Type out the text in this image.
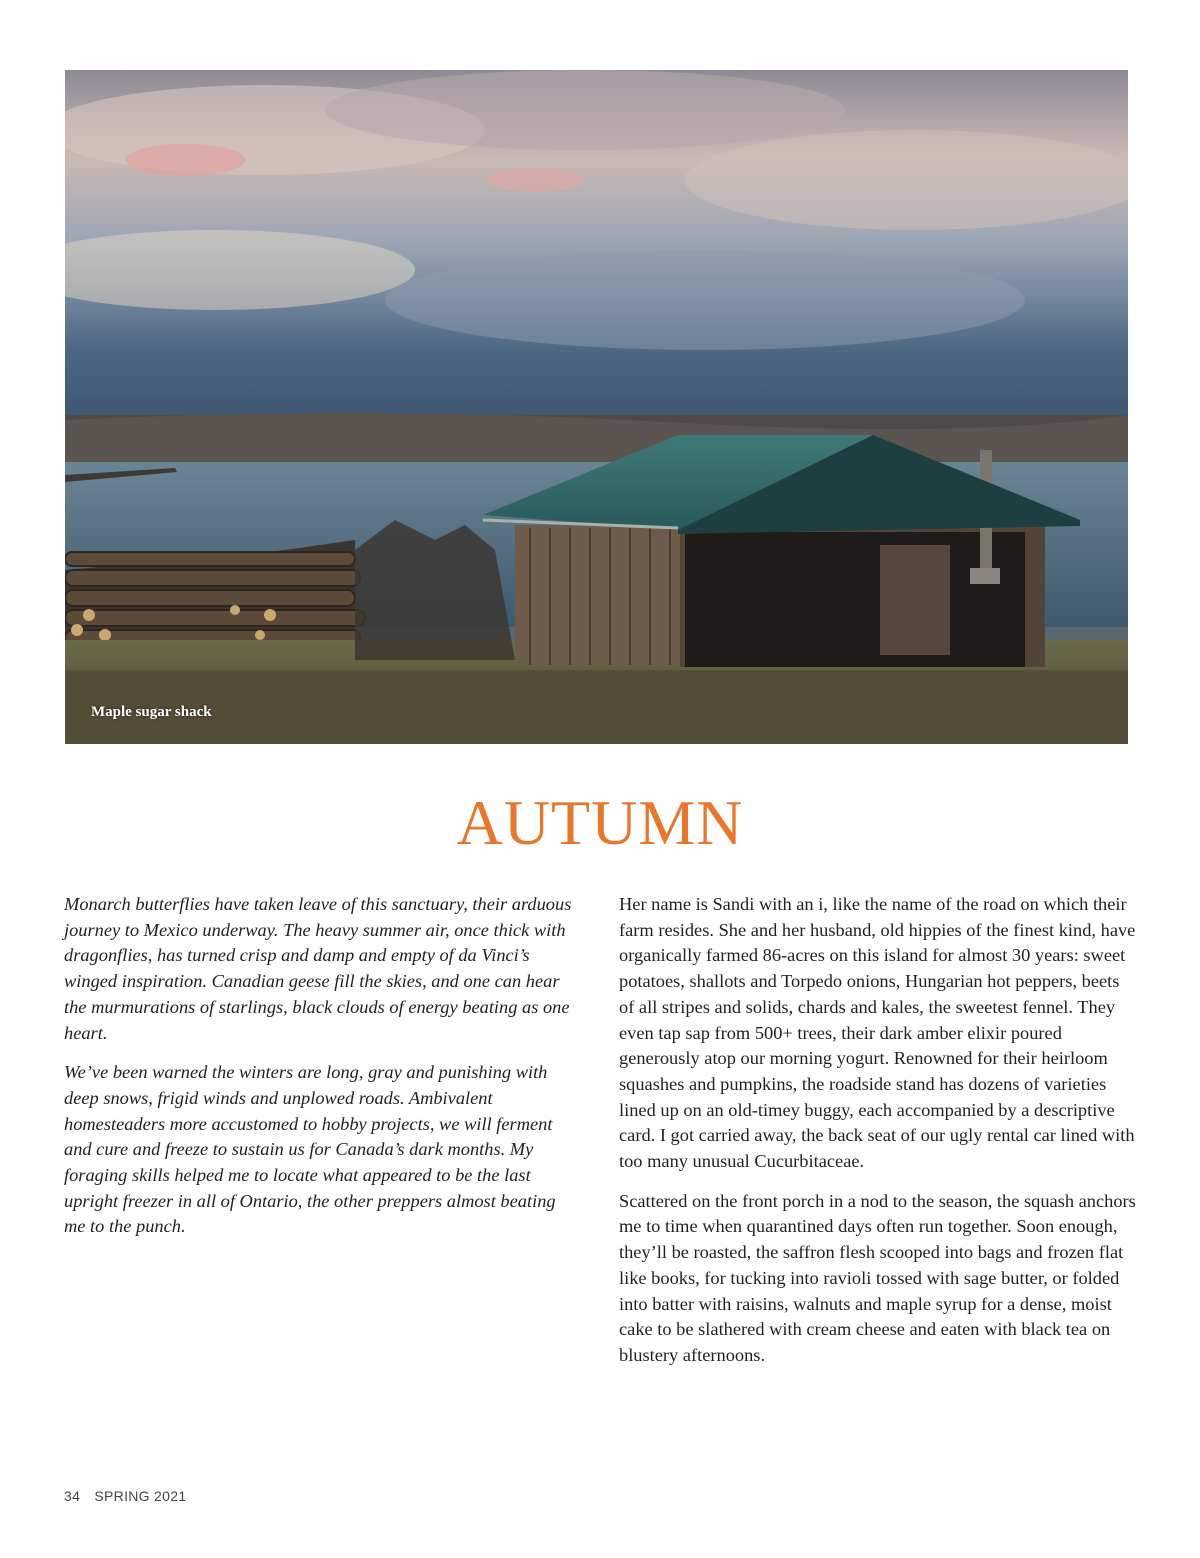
Maple sugar shack
AUTUMN

Monarch butterflies have taken leave of this sanctuary, their arduous journey to Mexico underway. The heavy summer air, once thick with dragonflies, has turned crisp and damp and empty of da Vinci’s winged inspiration. Canadian geese fill the skies, and one can hear the murmurations of starlings, black clouds of energy beating as one heart.

We’ve been warned the winters are long, gray and punishing with deep snows, frigid winds and unplowed roads. Ambivalent homesteaders more accustomed to hobby projects, we will ferment and cure and freeze to sustain us for Canada’s dark months. My foraging skills helped me to locate what appeared to be the last upright freezer in all of Ontario, the other preppers almost beating me to the punch.

Her name is Sandi with an i, like the name of the road on which their farm resides. She and her husband, old hippies of the finest kind, have organically farmed 86-acres on this island for almost 30 years: sweet potatoes, shallots and Torpedo onions, Hungarian hot peppers, beets of all stripes and solids, chards and kales, the sweetest fennel. They even tap sap from 500+ trees, their dark amber elixir poured generously atop our morning yogurt. Renowned for their heirloom squashes and pumpkins, the roadside stand has dozens of varieties lined up on an old-timey buggy, each accompanied by a descriptive card. I got carried away, the back seat of our ugly rental car lined with too many unusual Cucurbitaceae.

Scattered on the front porch in a nod to the season, the squash anchors me to time when quarantined days often run together. Soon enough, they’ll be roasted, the saffron flesh scooped into bags and frozen flat like books, for tucking into ravioli tossed with sage butter, or folded into batter with raisins, walnuts and maple syrup for a dense, moist cake to be slathered with cream cheese and eaten with black tea on blustery afternoons.

34 SPRING 2021
